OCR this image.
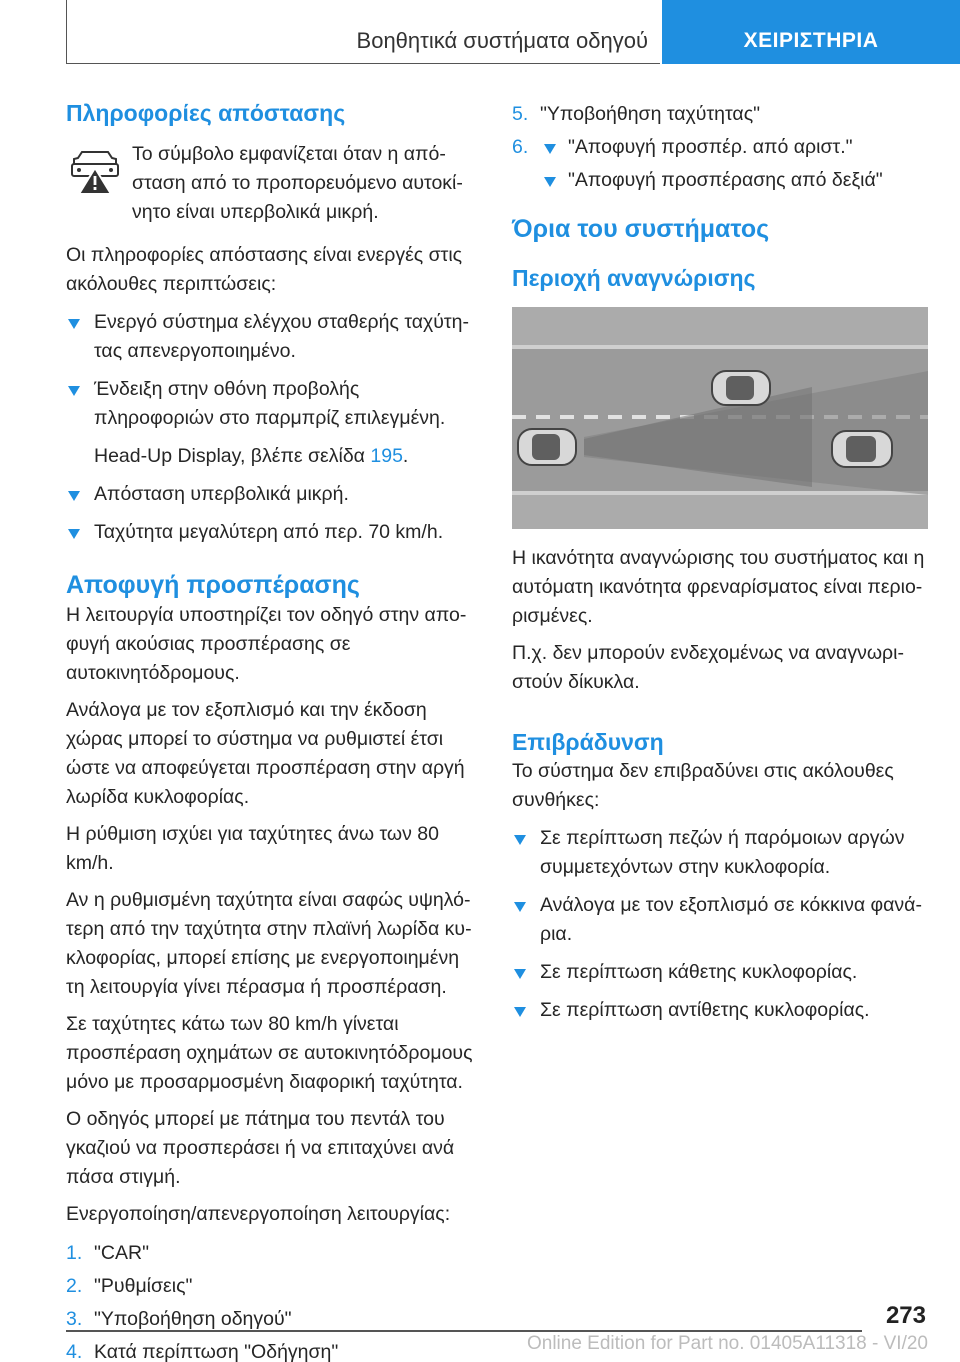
Βοηθητικά συστήματα οδηγού	ΧΕΙΡΙΣΤΗΡΙΑ
Πληροφορίες απόστασης

Το σύμβολο εμφανίζεται όταν η απόσταση από το προπορευόμενο αυτοκίνητο είναι υπερβολικά μικρή.

Οι πληροφορίες απόστασης είναι ενεργές στις ακόλουθες περιπτώσεις:

Ενεργό σύστημα ελέγχου σταθερής ταχύτητας απενεργοποιημένο.
Ένδειξη στην οθόνη προβολής πληροφοριών στο παρμπρίζ επιλεγμένη.

Head-Up Display, βλέπε σελίδα 195.

Απόσταση υπερβολικά μικρή.
Ταχύτητα μεγαλύτερη από περ. 70 km/h.
Αποφυγή προσπέρασης

Η λειτουργία υποστηρίζει τον οδηγό στην αποφυγή ακούσιας προσπέρασης σε αυτοκινητόδρομους.

Ανάλογα με τον εξοπλισμό και την έκδοση χώρας μπορεί το σύστημα να ρυθμιστεί έτσι ώστε να αποφεύγεται προσπέραση στην αργή λωρίδα κυκλοφορίας.

Η ρύθμιση ισχύει για ταχύτητες άνω των 80 km/h.

Αν η ρυθμισμένη ταχύτητα είναι σαφώς υψηλότερη από την ταχύτητα στην πλαϊνή λωρίδα κυκλοφορίας, μπορεί επίσης με ενεργοποιημένη τη λειτουργία γίνει πέρασμα ή προσπέραση.

Σε ταχύτητες κάτω των 80 km/h γίνεται προσπέραση οχημάτων σε αυτοκινητόδρομους μόνο με προσαρμοσμένη διαφορική ταχύτητα.

Ο οδηγός μπορεί με πάτημα του πεντάλ του γκαζιού να προσπεράσει ή να επιταχύνει ανά πάσα στιγμή.

Ενεργοποίηση/απενεργοποίηση λειτουργίας:

1. "CAR"
2. "Ρυθμίσεις"
3. "Υποβοήθηση οδηγού"
4. Κατά περίπτωση "Οδήγηση"
5. "Υποβοήθηση ταχύτητας"
6. "Αποφυγή προσπέρ. από αριστ."
"Αποφυγή προσπέρασης από δεξιά"
Όρια του συστήματος
Περιοχή αναγνώρισης

Η ικανότητα αναγνώρισης του συστήματος και η αυτόματη ικανότητα φρεναρίσματος είναι περιορισμένες.

Π.χ. δεν μπορούν ενδεχομένως να αναγνωριστούν δίκυκλα.

Επιβράδυνση

Το σύστημα δεν επιβραδύνει στις ακόλουθες συνθήκες:

Σε περίπτωση πεζών ή παρόμοιων αργών συμμετεχόντων στην κυκλοφορία.
Ανάλογα με τον εξοπλισμό σε κόκκινα φανάρια.
Σε περίπτωση κάθετης κυκλοφορίας.
Σε περίπτωση αντίθετης κυκλοφορίας.
273
Online Edition for Part no. 01405A11318 - VI/20
